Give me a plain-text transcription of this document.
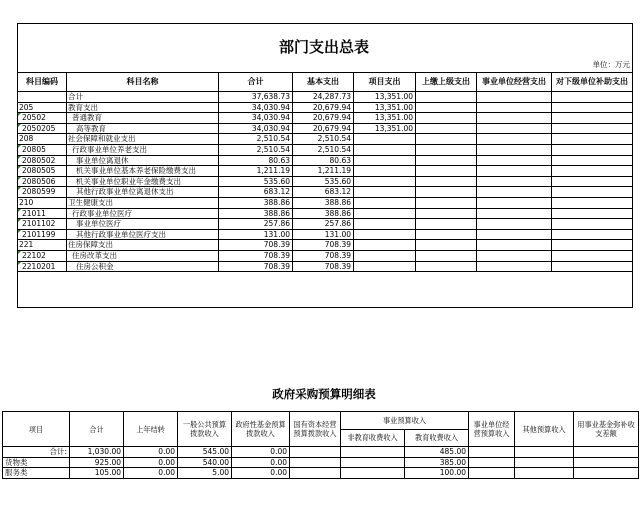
部门支出总表
单位：万元
科目编码	科目名称	合计	基本支出	项目支出	上缴上级支出	事业单位经营支出	对下级单位补助支出
	合计	37,638.73	24,287.73	13,351.00			
205	教育支出	34,030.94	20,679.94	13,351.00			
20502	普通教育	34,030.94	20,679.94	13,351.00			
2050205	高等教育	34,030.94	20,679.94	13,351.00			
208	社会保障和就业支出	2,510.54	2,510.54				
20805	行政事业单位养老支出	2,510.54	2,510.54				
2080502	事业单位离退休	80.63	80.63				
2080505	机关事业单位基本养老保险缴费支出	1,211.19	1,211.19				
2080506	机关事业单位职业年金缴费支出	535.60	535.60				
2080599	其他行政事业单位离退休支出	683.12	683.12				
210	卫生健康支出	388.86	388.86				
21011	行政事业单位医疗	388.86	388.86				
2101102	事业单位医疗	257.86	257.86				
2101199	其他行政事业单位医疗支出	131.00	131.00				
221	住房保障支出	708.39	708.39				
22102	住房改革支出	708.39	708.39				
2210201	住房公积金	708.39	708.39				
政府采购预算明细表
项目	合计	上年结转	一般公共预算拨款收入	政府性基金预算拨款收入	国有资本经营预算拨款收入	事业预算收入		事业单位经营预算收入	其他预算收入	用事业基金弥补收支差额
						非教育收费收入	教育收费收入			
合计:	1,030.00	0.00	545.00	0.00			485.00			
货物类	925.00	0.00	540.00	0.00			385.00			
服务类	105.00	0.00	5.00	0.00			100.00			
